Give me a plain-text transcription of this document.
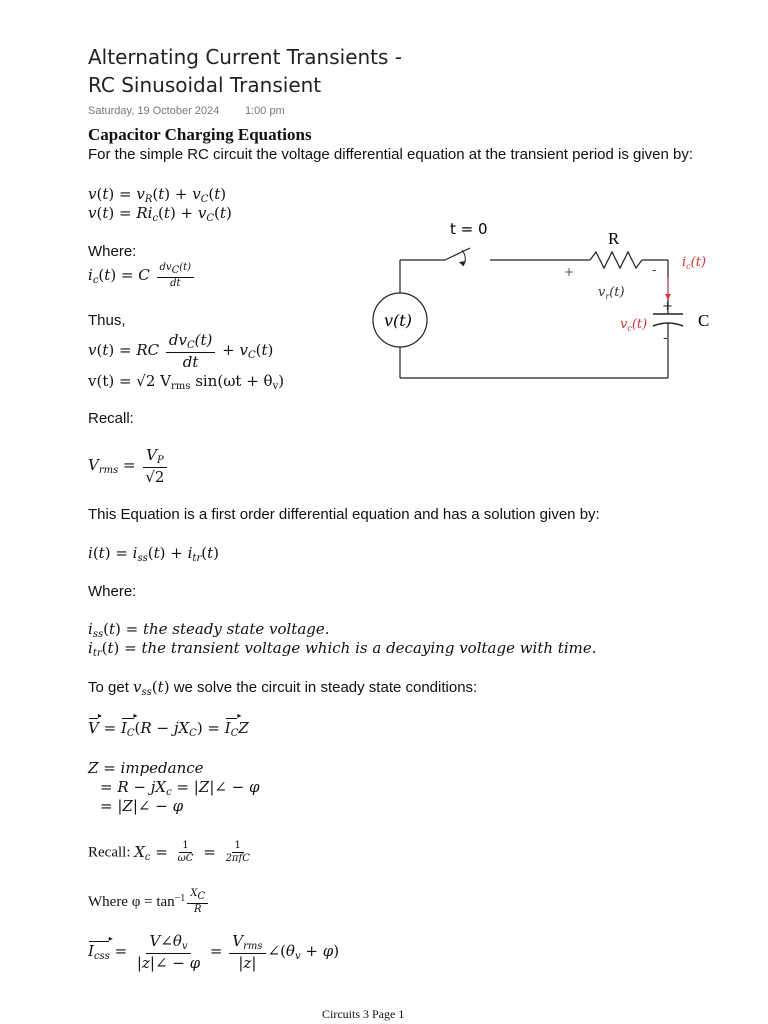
Alternating Current Transients -
RC Sinusoidal Transient
Saturday, 19 October 2024 1:00 pm
Capacitor Charging Equations
For the simple RC circuit the voltage differential equation at the transient period is given by:
$v(t) = v_R(t) + v_C(t)$
$v(t) = Ri_c(t) + v_C(t)$
Where:
$i_c(t) = C \frac{dv_C(t)}{dt}$
Thus,
v(t) = RC $\frac{dv_C(t)}{dt} + v_C(t)$
v(t) = √2 $V_{rms}$ $\sin(\omega t + \theta_v)$
Recall:
$V_{rms} = \frac{V_P}{√2}$
This Equation is a first order differential equation and has a solution given by:
$i(t) = i_{ss}(t) + i_{tr}(t)$
Where:
$i_{ss}(t)$ = the steady state voltage.
$i_{tr}(t)$ = the transient voltage which is a decaying voltage with time.
To get $v_{ss}(t)$ we solve the circuit in steady state conditions:
V ▸ = $I_C$ ▸(R − $jX_C) = I_C$ ▸Z
Z = impedance
= $R - jX_c$ = |Z|∠ − φ
= |Z|∠ − φ
Recall: $X_c = \frac{1}{\omega C} = \frac{1}{\text{2πfC}}$
Where $\varphi = \tan^{-1} \frac{X_C}{R}$
$I_{css}$ ▸ = $\frac{V\angle\theta_v}{|z|\angle - \varphi} = \frac{V_{rms}}{|z|}$ $\angle(\theta_v + \varphi)$
t = 0	R
C
v(t)
+	-
+
-
$v_r(t)$
$i_c(t)$
$v_c(t)$
Circuits 3 Page 1
